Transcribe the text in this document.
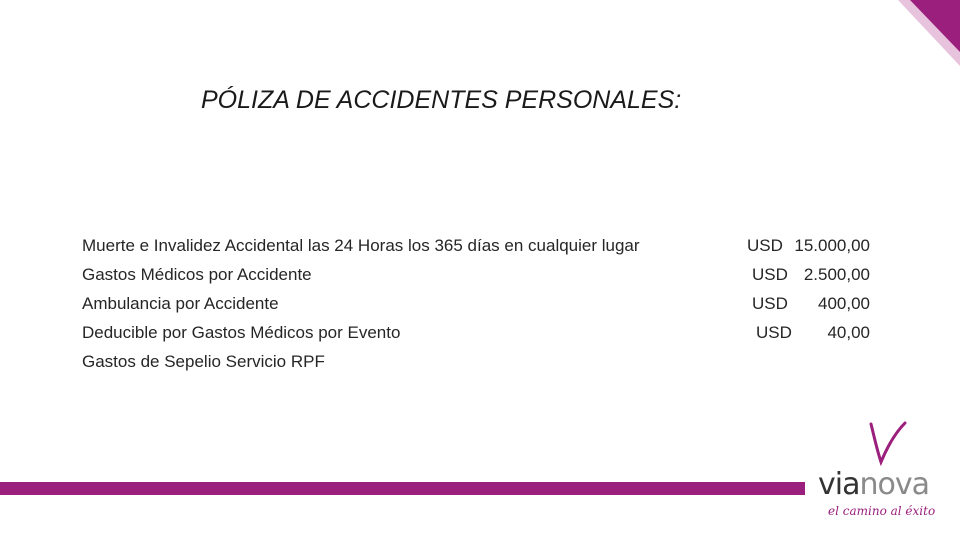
PÓLIZA DE ACCIDENTES PERSONALES:
Muerte e Invalidez Accidental las 24 Horas los 365 días en cualquier lugar	USD 15.000,00
Gastos Médicos por Accidente	USD 2.500,00
Ambulancia por Accidente	USD 400,00
Deducible por Gastos Médicos por Evento	USD 40,00
Gastos de Sepelio Servicio RPF
vianova
el camino al éxito
